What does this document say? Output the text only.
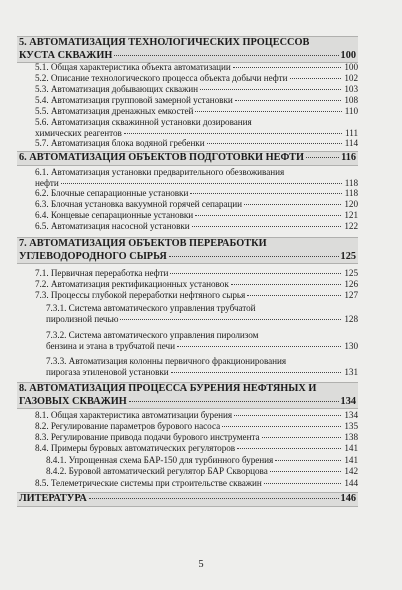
5. АВТОМАТИЗАЦИЯ ТЕХНОЛОГИЧЕСКИХ ПРОЦЕССОВ
КУСТА СКВАЖИН	100
5.1. Общая характеристика объекта автоматизации	100
5.2. Описание технологического процесса объекта добычи нефти	102
5.3. Автоматизация добывающих скважин	103
5.4. Автоматизация групповой замерной установки	108
5.5. Автоматизация дренажных емкостей	110
5.6. Автоматизация скважинной установки дозирования
химических реагентов	111
5.7. Автоматизация блока водяной гребенки	114
6. АВТОМАТИЗАЦИЯ ОБЪЕКТОВ ПОДГОТОВКИ НЕФТИ	116
6.1. Автоматизация установки предварительного обезвоживания
нефти	118
6.2. Блочные сепарационные установки	118
6.3. Блочная установка вакуумной горячей сепарации	120
6.4. Концевые сепарационные установки	121
6.5. Автоматизация насосной установки	122
7. АВТОМАТИЗАЦИЯ ОБЪЕКТОВ ПЕРЕРАБОТКИ
УГЛЕВОДОРОДНОГО СЫРЬЯ	125
7.1. Первичная переработка нефти	125
7.2. Автоматизация ректификационных установок	126
7.3. Процессы глубокой переработки нефтяного сырья	127
7.3.1. Система автоматического управления трубчатой
пиролизной печью	128
7.3.2. Система автоматического управления пиролизом
бензина и этана в трубчатой печи	130
7.3.3. Автоматизация колонны первичного фракционирования
пирогаза этиленовой установки	131
8. АВТОМАТИЗАЦИЯ ПРОЦЕССА БУРЕНИЯ НЕФТЯНЫХ И
ГАЗОВЫХ СКВАЖИН	134
8.1. Общая характеристика автоматизации бурения	134
8.2. Регулирование параметров бурового насоса	135
8.3. Регулирование привода подачи бурового инструмента	138
8.4. Примеры буровых автоматических регуляторов	141
8.4.1. Упрощенная схема БАР-150 для турбинного бурения	141
8.4.2. Буровой автоматический регулятор БАР Скворцова	142
8.5. Телеметрические системы при строительстве скважин	144
ЛИТЕРАТУРА	146
5
